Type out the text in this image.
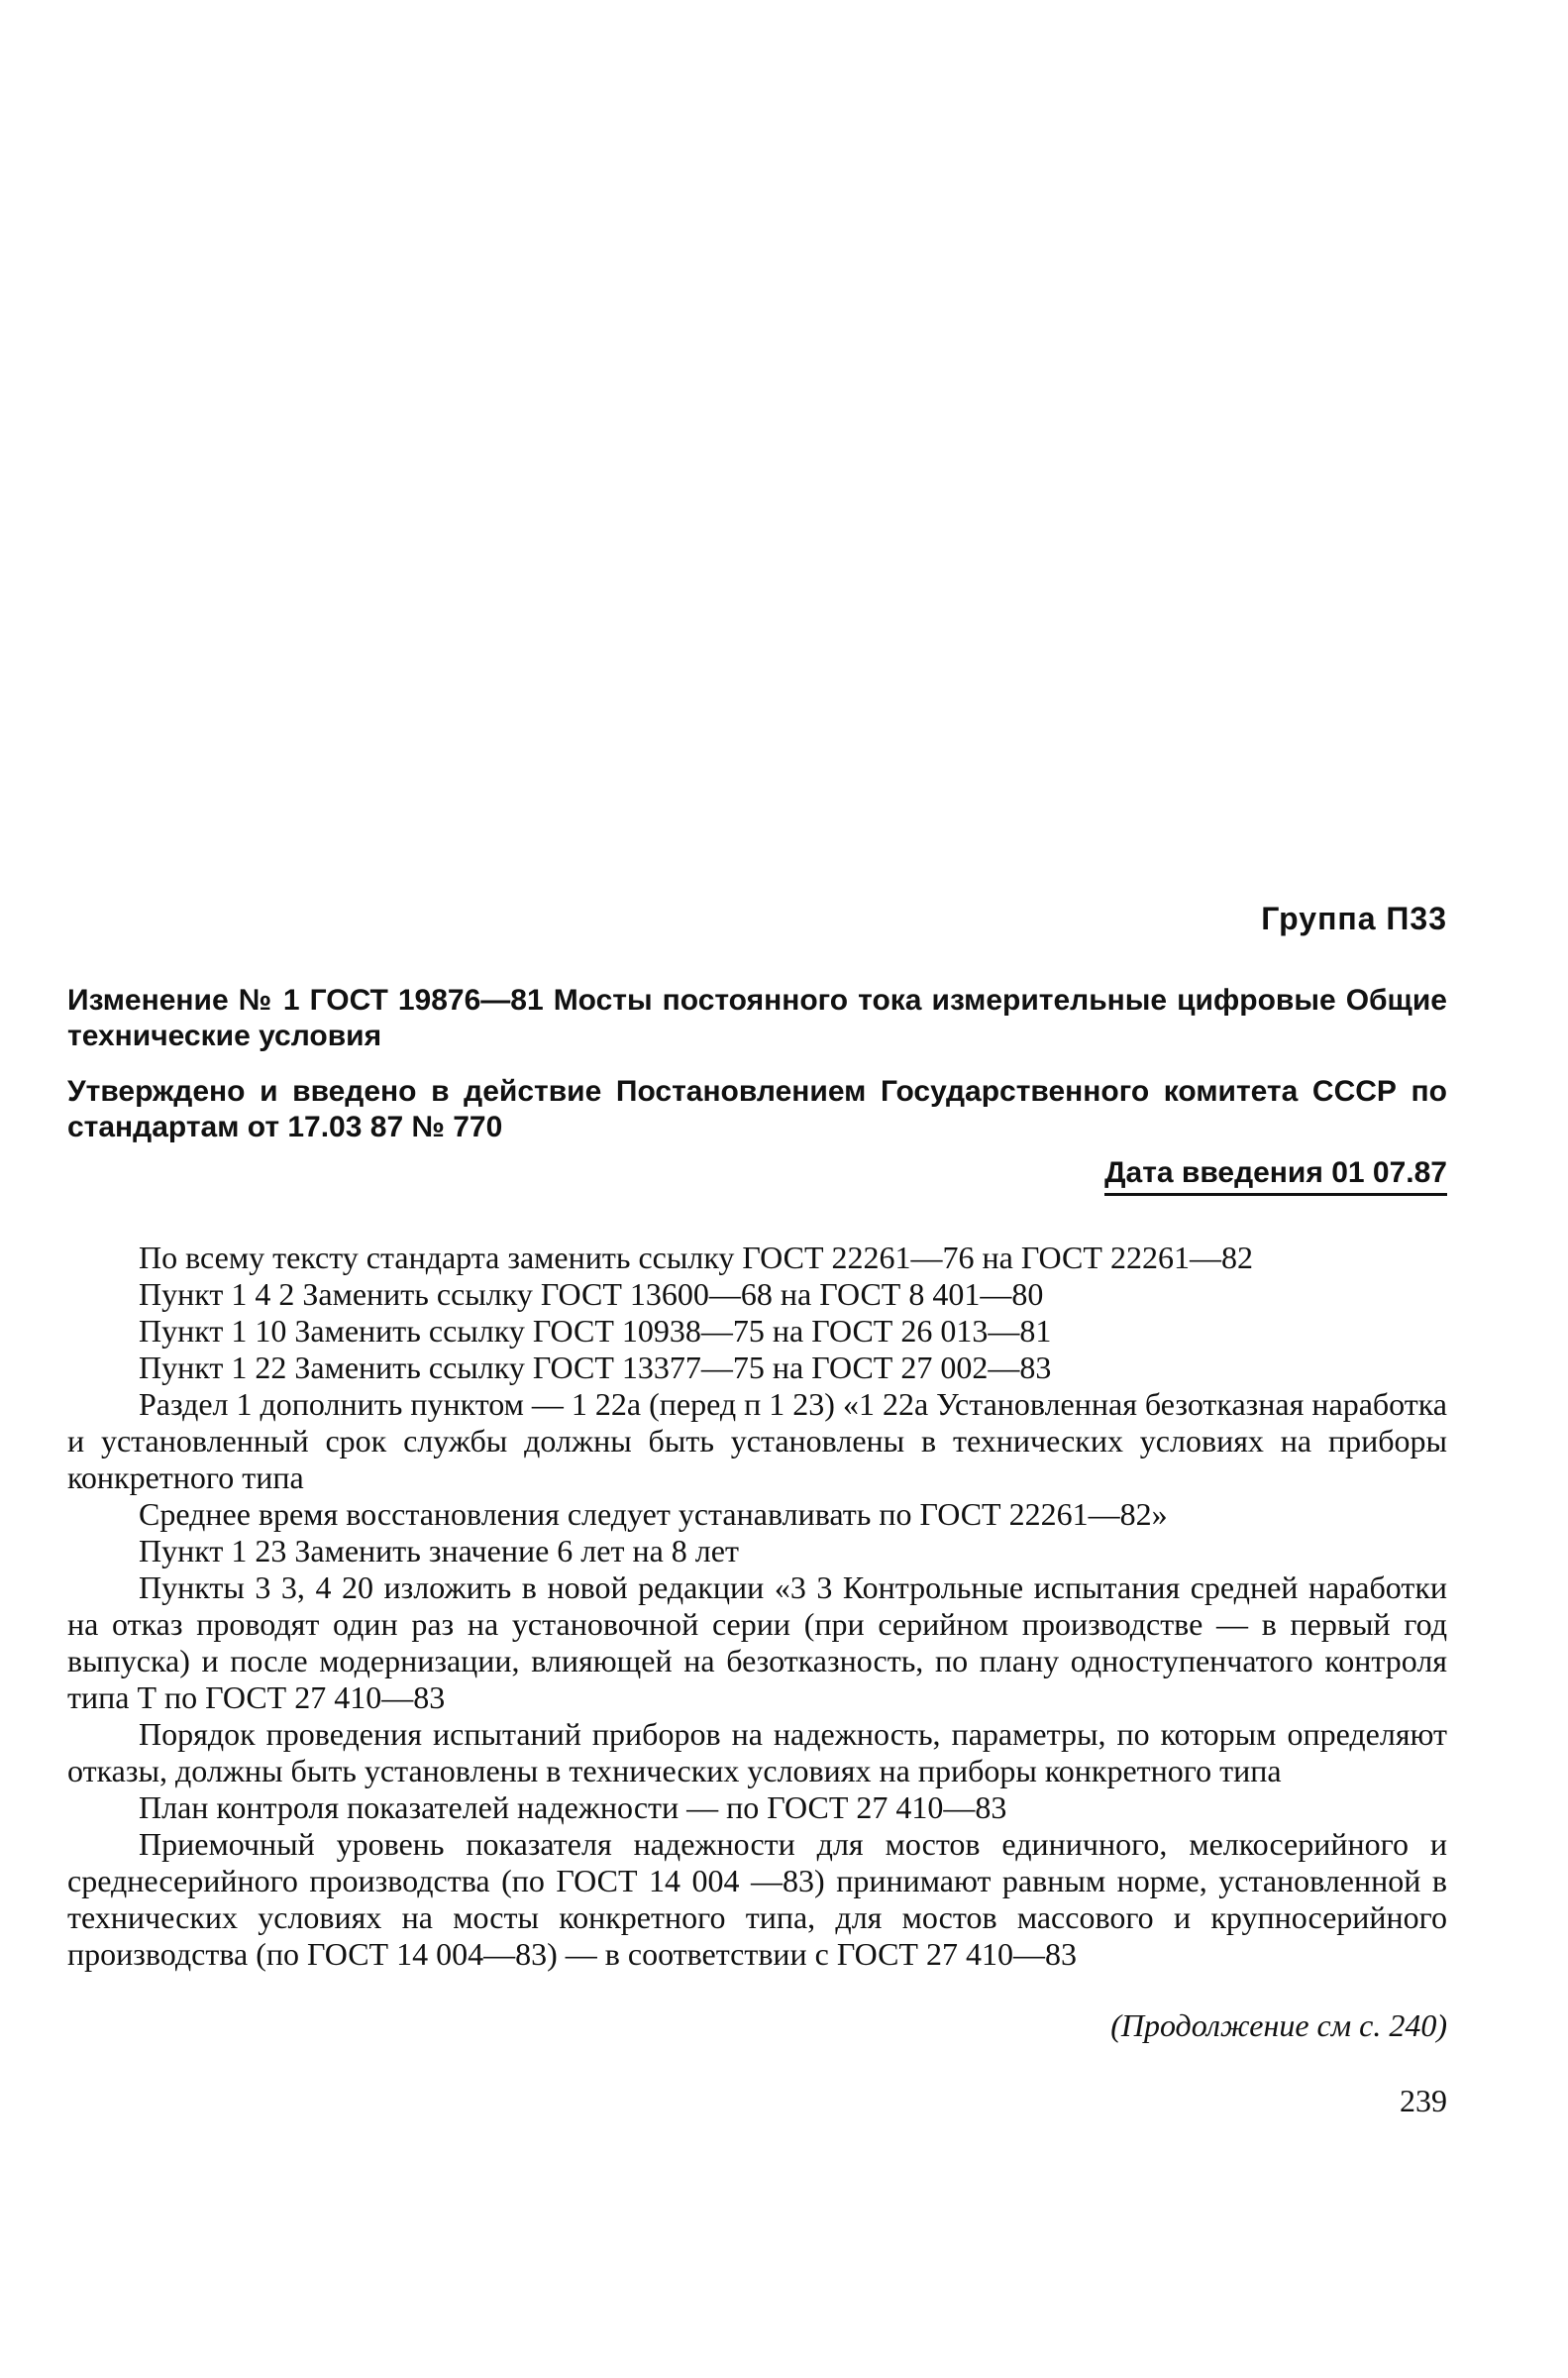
Группа П33
Изменение № 1 ГОСТ 19876—81 Мосты постоянного тока измерительные цифровые Общие технические условия
Утверждено и введено в действие Постановлением Государственного комитета СССР по стандартам от 17.03 87 № 770
Дата введения 01 07.87

По всему тексту стандарта заменить ссылку ГОСТ 22261—76 на ГОСТ 22261—82

Пункт 1 4 2 Заменить ссылку ГОСТ 13600—68 на ГОСТ 8 401—80

Пункт 1 10 Заменить ссылку ГОСТ 10938—75 на ГОСТ 26 013—81

Пункт 1 22 Заменить ссылку ГОСТ 13377—75 на ГОСТ 27 002—83

Раздел 1 дополнить пунктом — 1 22а (перед п 1 23) «1 22а Установленная безотказная наработка и установленный срок службы должны быть установлены в технических условиях на приборы конкретного типа

Среднее время восстановления следует устанавливать по ГОСТ 22261—82»

Пункт 1 23 Заменить значение 6 лет на 8 лет

Пункты 3 3, 4 20 изложить в новой редакции «3 3 Контрольные испытания средней наработки на отказ проводят один раз на установочной серии (при серийном производстве — в первый год выпуска) и после модернизации, влияющей на безотказность, по плану одноступенчатого контроля типа Т по ГОСТ 27 410—83

Порядок проведения испытаний приборов на надежность, параметры, по которым определяют отказы, должны быть установлены в технических условиях на приборы конкретного типа

План контроля показателей надежности — по ГОСТ 27 410—83

Приемочный уровень показателя надежности для мостов единичного, мелкосерийного и среднесерийного производства (по ГОСТ 14 004 —83) принимают равным норме, установленной в технических условиях на мосты конкретного типа, для мостов массового и крупносерийного производства (по ГОСТ 14 004—83) — в соответствии с ГОСТ 27 410—83

(Продолжение см с. 240)
239
